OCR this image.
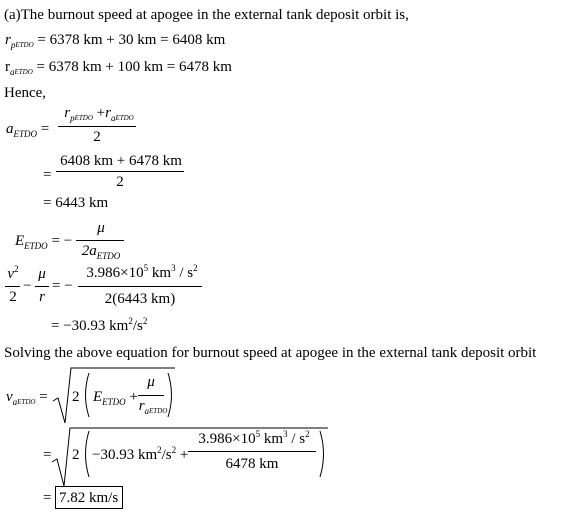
(a)The burnout speed at apogee in the external tank deposit orbit is,
$r_{pETDO} = 6378$ km + 30 km = 6408 km
$r_{aETDO} = 6378$ km + 100 km = 6478 km
Hence,
$a_{ETDO}$ =
$r_{pETDO} +r_{aETDO}$
2
=
6408 km + 6478 km
2
= 6443 km
$E_{ETDO}$ = −
μ
$2a_{ETDO}$
$v^2$
2
−
μ
r
= −
$3.986\times 10^5$ $km^3 / s^2$
2(6443 km)
= −30.93 $km^2/s^2$
Solving the above equation for burnout speed at apogee in the external tank deposit orbit
$v_{aETDO} = 2$ $E_{ETDO}$ +
μ
$r_{aETDO}$
= 2 −30.93 $km^2/s^2$ +
$3.986\times 10^5$ $km^3 / s^2$
6478 km
= 7.82 km/s
